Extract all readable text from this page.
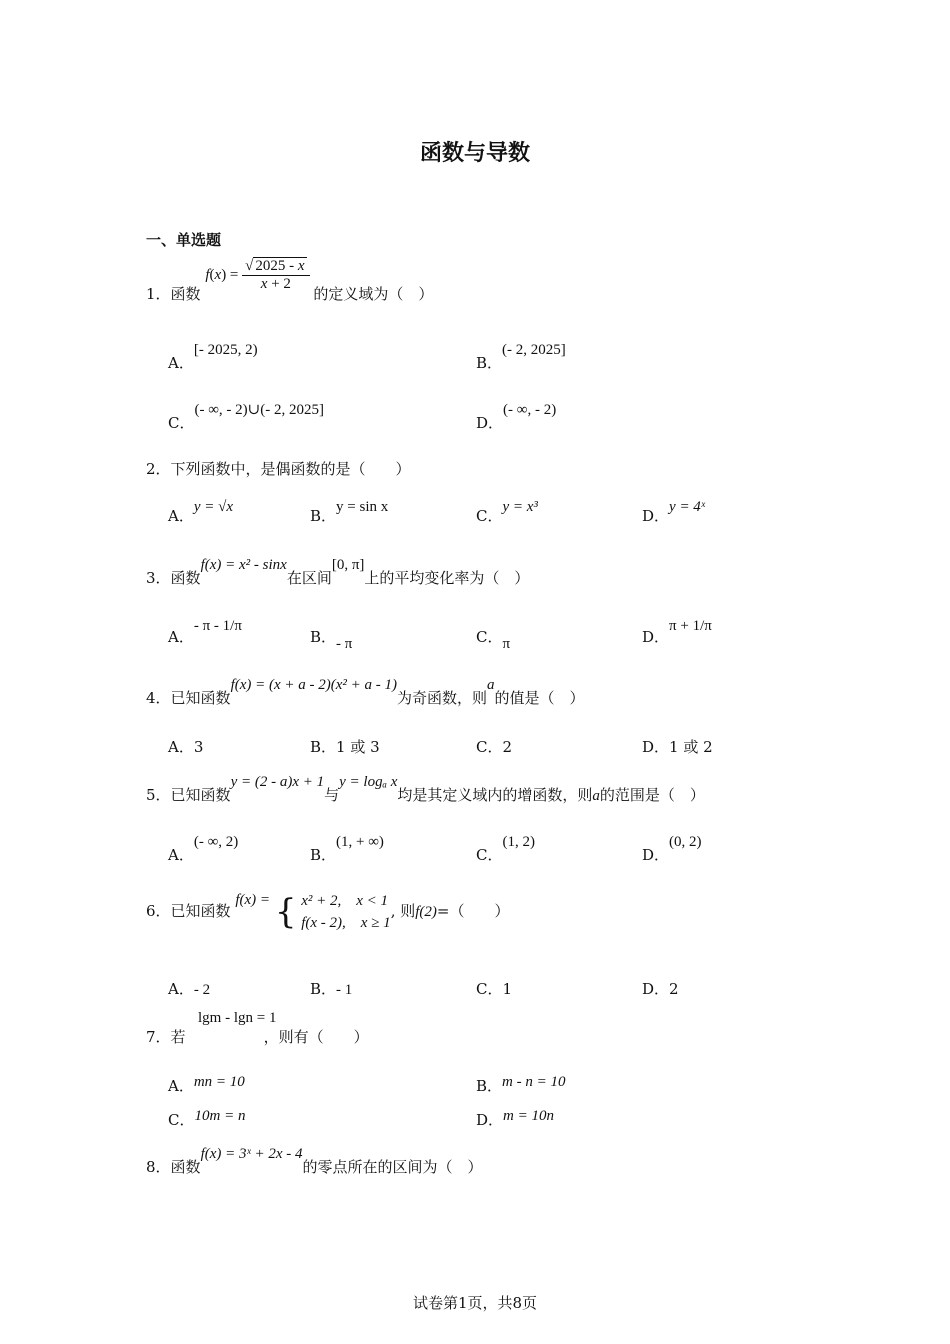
函数与导数
一、单选题
1．函数 $f(x) = \frac{√ 2025 - x}{x + 2}$
的定义域为（　）
A．[- 2025, 2)
B．(- 2, 2025]
C．(- ∞, - 2)∪(- 2, 2025]
D．(- ∞, - 2)
2．下列函数中，是偶函数的是（　　）
A．y = √x	B．y = sin x	C．y = x³	D．y = 4ˣ
3．函数f(x) = x² - sinx在区间[0, π]上的平均变化率为（　）
A．- π - 1/π
B．- π	C．π	D．π + 1/π
4．已知函数f(x) = (x + a - 2)(x² + a - 1)为奇函数，则a的值是（　）
A．3	B．1 或 3	C．2	D．1 或 2
5．已知函数y = (2 - a)x + 1与y = logₐ x均是其定义域内的增函数，则a的范围是（　）
A．(- ∞, 2)
B．(1, + ∞)
C．(1, 2)
D．(0, 2)
6．已知函数 f(x) = { x² + 2,　x < 1
f(x - 2),　x ≥ 1
, 则f(2)=（　　）
A．- 2	B．- 1	C．1	D．2
lgm - lgn = 1
7．若	，则有（　　）
A．mn = 10	B．m - n = 10
C．10m = n	D．m = 10n
8．函数f(x) = 3ˣ + 2x - 4的零点所在的区间为（　）
试卷第1页，共8页
